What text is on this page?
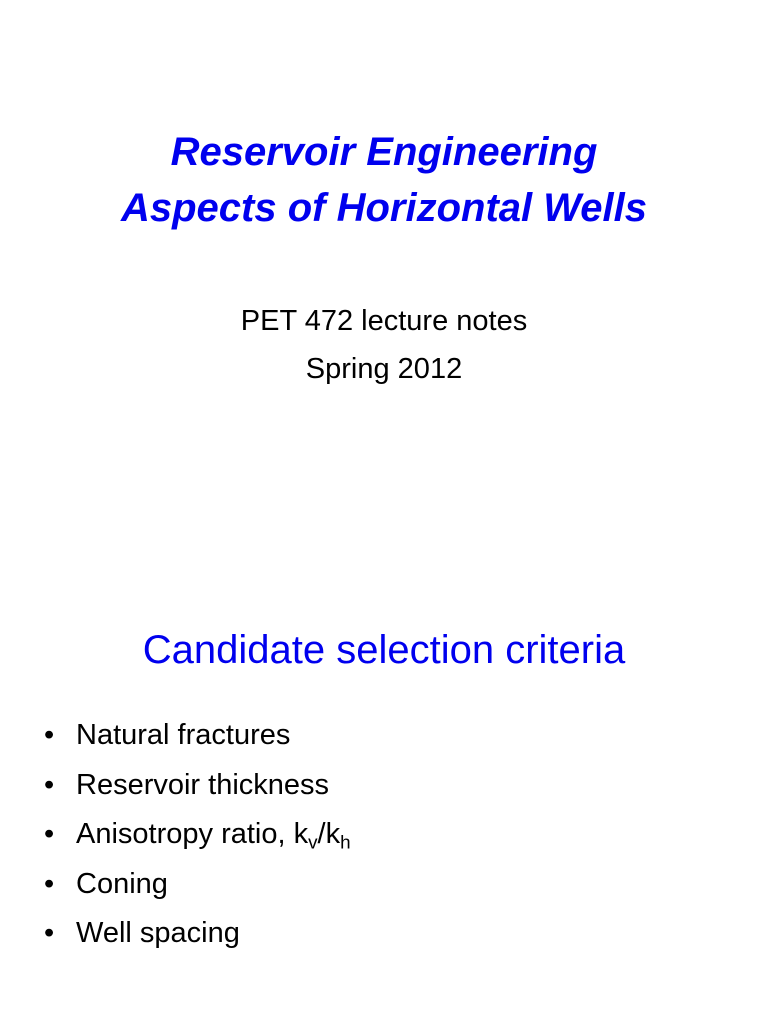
Reservoir Engineering
Aspects of Horizontal Wells
PET 472 lecture notes
Spring 2012
Candidate selection criteria
• Natural fractures
• Reservoir thickness
• Anisotropy ratio, $k_v/k_h$
• Coning
• Well spacing
